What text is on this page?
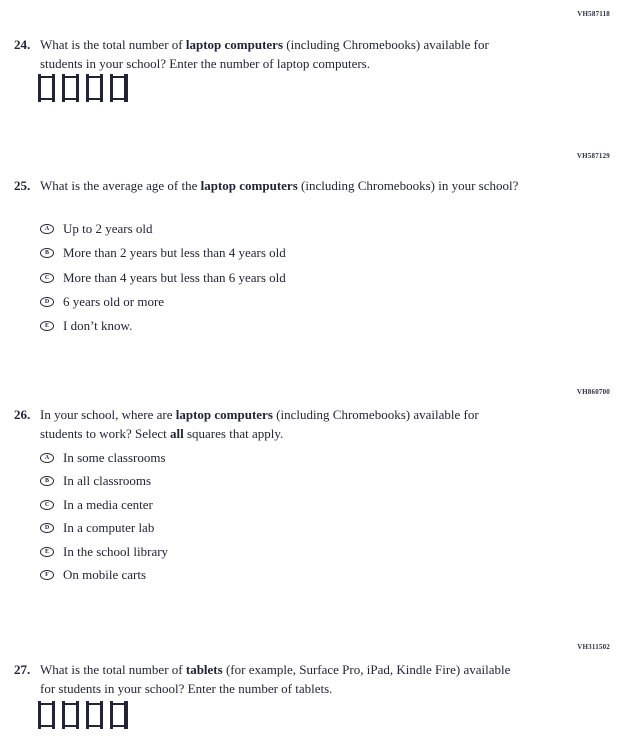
VH587118
24. What is the total number of laptop computers (including Chromebooks) available for students in your school? Enter the number of laptop computers.
VH587129
25. What is the average age of the laptop computers (including Chromebooks) in your school?
A	Up to 2 years old
B	More than 2 years but less than 4 years old
C	More than 4 years but less than 6 years old
D	6 years old or more
E	I don’t know.
VH860700
26. In your school, where are laptop computers (including Chromebooks) available for students to work? Select all squares that apply.
A	In some classrooms
B	In all classrooms
C	In a media center
D	In a computer lab
E	In the school library
F	On mobile carts
VH311502
27. What is the total number of tablets (for example, Surface Pro, iPad, Kindle Fire) available for students in your school? Enter the number of tablets.
